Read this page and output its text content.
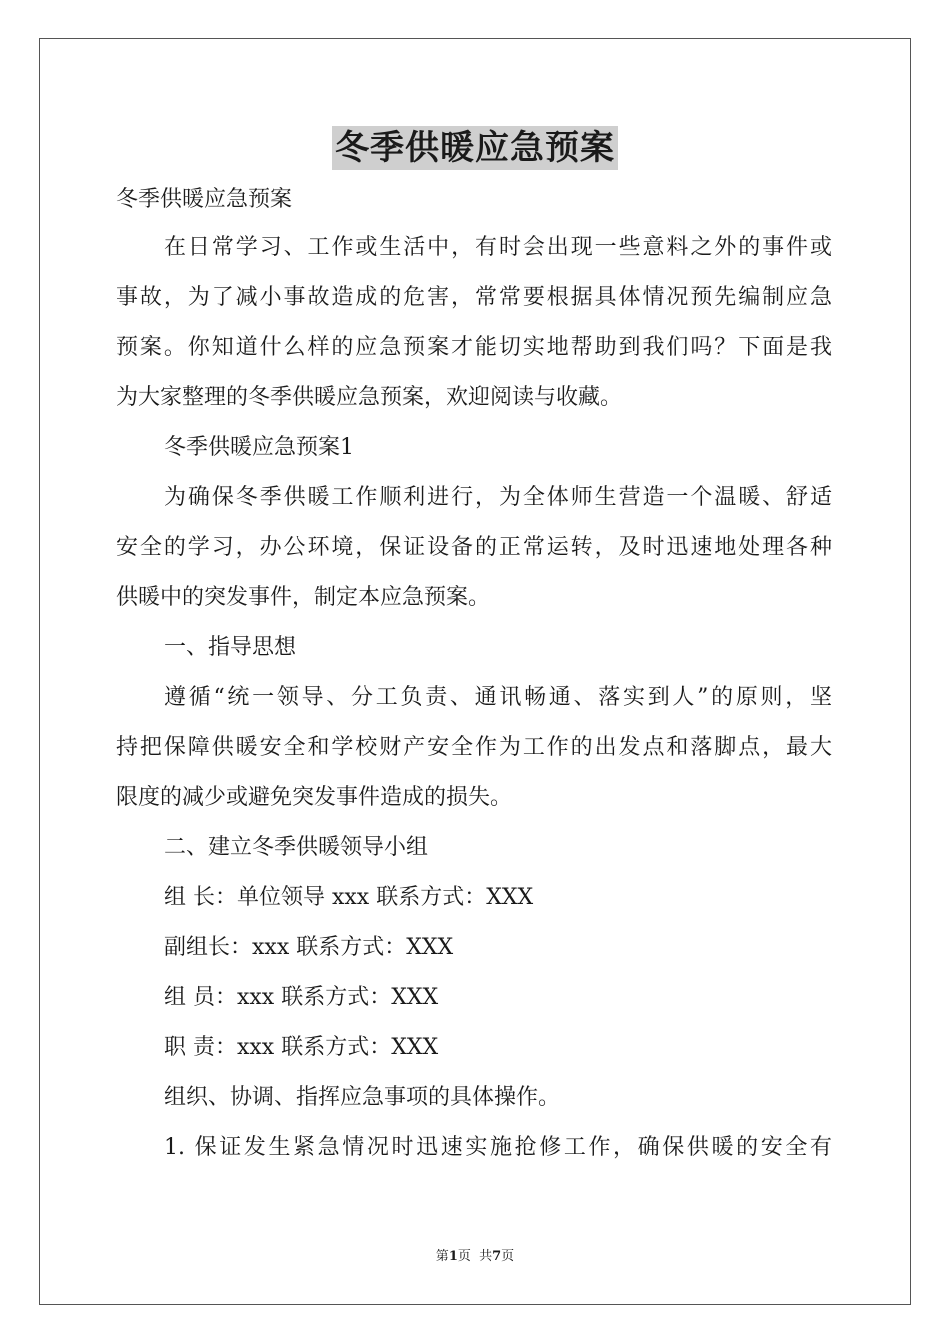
冬季供暖应急预案
冬季供暖应急预案
在日常学习、工作或生活中，有时会出现一些意料之外的事件或
事故，为了减小事故造成的危害，常常要根据具体情况预先编制应急
预案。你知道什么样的应急预案才能切实地帮助到我们吗？下面是我
为大家整理的冬季供暖应急预案，欢迎阅读与收藏。
冬季供暖应急预案1
为确保冬季供暖工作顺利进行，为全体师生营造一个温暖、舒适
安全的学习，办公环境，保证设备的正常运转，及时迅速地处理各种
供暖中的突发事件，制定本应急预案。
一、指导思想
遵循“统一领导、分工负责、通讯畅通、落实到人”的原则，坚
持把保障供暖安全和学校财产安全作为工作的出发点和落脚点，最大
限度的减少或避免突发事件造成的损失。
二、建立冬季供暖领导小组
组 长：单位领导 xxx 联系方式：XXX
副组长：xxx 联系方式：XXX
组 员：xxx 联系方式：XXX
职 责：xxx 联系方式：XXX
组织、协调、指挥应急事项的具体操作。
1. 保证发生紧急情况时迅速实施抢修工作，确保供暖的安全有
第1页  共7页
